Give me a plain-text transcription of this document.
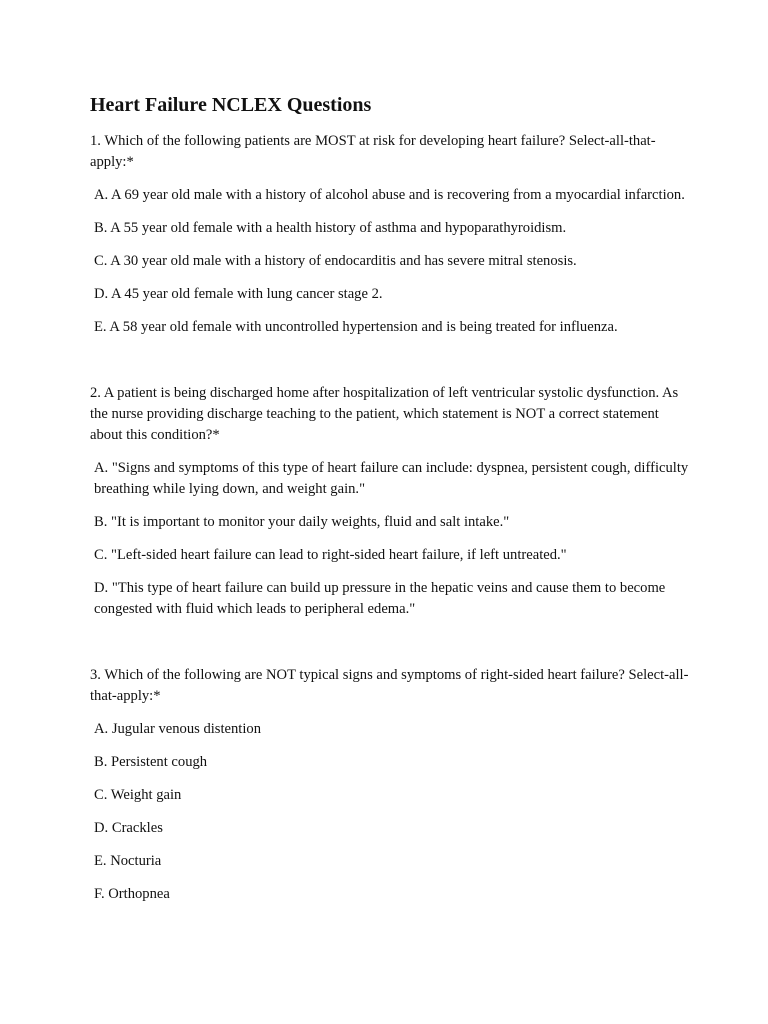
Heart Failure NCLEX Questions

1. Which of the following patients are MOST at risk for developing heart failure? Select-all-that-apply:*

A. A 69 year old male with a history of alcohol abuse and is recovering from a myocardial infarction.

B. A 55 year old female with a health history of asthma and hypoparathyroidism.

C. A 30 year old male with a history of endocarditis and has severe mitral stenosis.

D. A 45 year old female with lung cancer stage 2.

E. A 58 year old female with uncontrolled hypertension and is being treated for influenza.

2. A patient is being discharged home after hospitalization of left ventricular systolic dysfunction. As the nurse providing discharge teaching to the patient, which statement is NOT a correct statement about this condition?*

A. "Signs and symptoms of this type of heart failure can include: dyspnea, persistent cough, difficulty breathing while lying down, and weight gain."

B. "It is important to monitor your daily weights, fluid and salt intake."

C. "Left-sided heart failure can lead to right-sided heart failure, if left untreated."

D. "This type of heart failure can build up pressure in the hepatic veins and cause them to become congested with fluid which leads to peripheral edema."

3. Which of the following are NOT typical signs and symptoms of right-sided heart failure? Select-all-that-apply:*

A. Jugular venous distention

B. Persistent cough

C. Weight gain

D. Crackles

E. Nocturia

F. Orthopnea
